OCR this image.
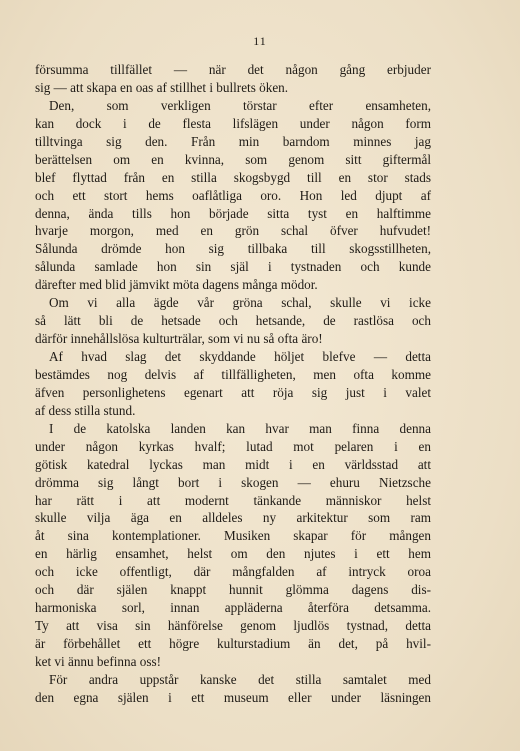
11
försumma tillfället — när det någon gång erbjuder
sig — att skapa en oas af stillhet i bullrets öken.
Den, som verkligen törstar efter ensamheten,
kan dock i de flesta lifslägen under någon form
tilltvinga sig den. Från min barndom minnes jag
berättelsen om en kvinna, som genom sitt giftermål
blef flyttad från en stilla skogsbygd till en stor stads
och ett stort hems oaflåtliga oro. Hon led djupt af
denna, ända tills hon började sitta tyst en halftimme
hvarje morgon, med en grön schal öfver hufvudet!
Sålunda drömde hon sig tillbaka till skogsstillheten,
sålunda samlade hon sin själ i tystnaden och kunde
därefter med blid jämvikt möta dagens många mödor.
Om vi alla ägde vår gröna schal, skulle vi icke
så lätt bli de hetsade och hetsande, de rastlösa och
därför innehållslösa kulturträlar, som vi nu så ofta äro!
Af hvad slag det skyddande höljet blefve — detta
bestämdes nog delvis af tillfälligheten, men ofta komme
äfven personlighetens egenart att röja sig just i valet
af dess stilla stund.
I de katolska landen kan hvar man finna denna
under någon kyrkas hvalf; lutad mot pelaren i en
götisk katedral lyckas man midt i en världsstad att
drömma sig långt bort i skogen — ehuru Nietzsche
har rätt i att modernt tänkande människor helst
skulle vilja äga en alldeles ny arkitektur som ram
åt sina kontemplationer. Musiken skapar för mången
en härlig ensamhet, helst om den njutes i ett hem
och icke offentligt, där mångfalden af intryck oroa
och där själen knappt hunnit glömma dagens dis-
harmoniska sorl, innan appläderna återföra detsamma.
Ty att visa sin hänförelse genom ljudlös tystnad, detta
är förbehållet ett högre kulturstadium än det, på hvil-
ket vi ännu befinna oss!
För andra uppstår kanske det stilla samtalet med
den egna själen i ett museum eller under läsningen
